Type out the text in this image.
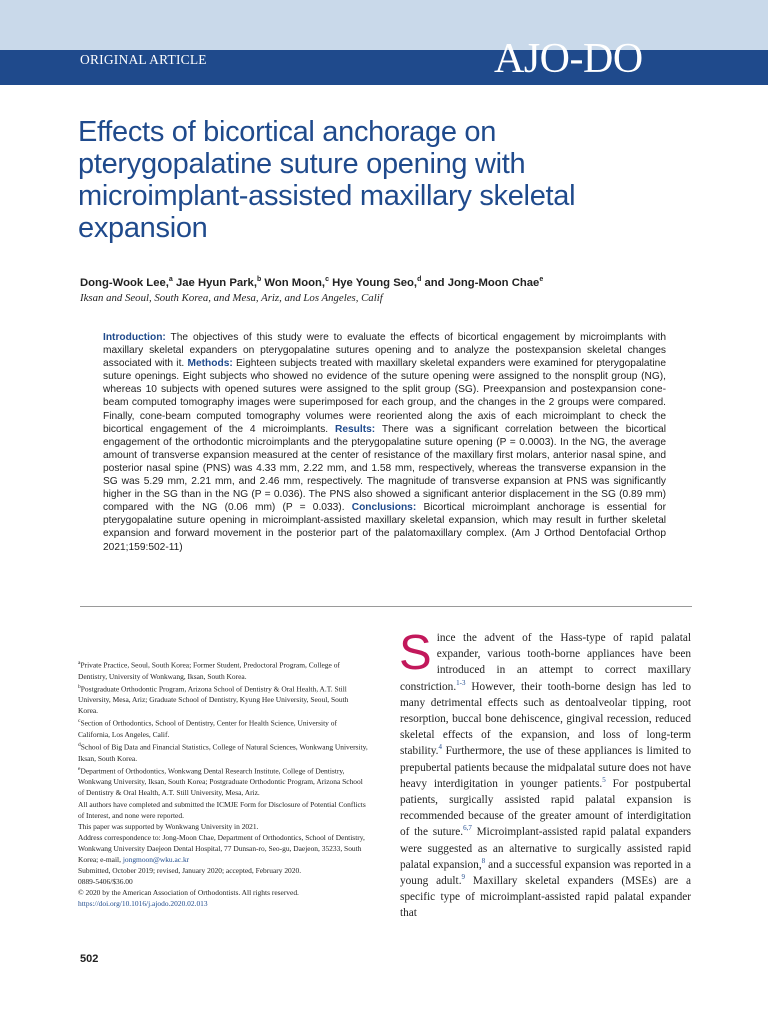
ORIGINAL ARTICLE	AJO-DO
Effects of bicortical anchorage on
pterygopalatine suture opening with
microimplant-assisted maxillary skeletal
expansion
Dong-Wook Lee,$^a$ Jae Hyun Park,$^b$ Won Moon,$^c$ Hye Young Seo,$^d$ and Jong-Moon Chae$^e$
Iksan and Seoul, South Korea, and Mesa, Ariz, and Los Angeles, Calif

Introduction: The objectives of this study were to evaluate the effects of bicortical engagement by microimplants with maxillary skeletal expanders on pterygopalatine sutures opening and to analyze the postexpansion skeletal changes associated with it. Methods: Eighteen subjects treated with maxillary skeletal expanders were examined for pterygopalatine suture openings. Eight subjects who showed no evidence of the suture opening were assigned to the nonsplit group (NG), whereas 10 subjects with opened sutures were assigned to the split group (SG). Preexpansion and postexpansion cone-beam computed tomography images were superimposed for each group, and the changes in the 2 groups were compared. Finally, cone-beam computed tomography volumes were reoriented along the axis of each microimplant to check the bicortical engagement of the 4 microimplants. Results: There was a significant correlation between the bicortical engagement of the orthodontic microimplants and the pterygopalatine suture opening (P = 0.0003). In the NG, the average amount of transverse expansion measured at the center of resistance of the maxillary first molars, anterior nasal spine, and posterior nasal spine (PNS) was 4.33 mm, 2.22 mm, and 1.58 mm, respectively, whereas the transverse expansion in the SG was 5.29 mm, 2.21 mm, and 2.46 mm, respectively. The magnitude of transverse expansion at PNS was significantly higher in the SG than in the NG (P = 0.036). The PNS also showed a significant anterior displacement in the SG (0.89 mm) compared with the NG (0.06 mm) (P = 0.033). Conclusions: Bicortical microimplant anchorage is essential for pterygopalatine suture opening in microimplant-assisted maxillary skeletal expansion, which may result in further skeletal expansion and forward movement in the posterior part of the palatomaxillary complex. (Am J Orthod Dentofacial Orthop 2021;159:502-11)

$^a$Private Practice, Seoul, South Korea; Former Student, Predoctoral Program, College of Dentistry, University of Wonkwang, Iksan, South Korea.

$^b$Postgraduate Orthodontic Program, Arizona School of Dentistry & Oral Health, A.T. Still University, Mesa, Ariz; Graduate School of Dentistry, Kyung Hee University, Seoul, South Korea.

$^c$Section of Orthodontics, School of Dentistry, Center for Health Science, University of California, Los Angeles, Calif.

$^d$School of Big Data and Financial Statistics, College of Natural Sciences, Wonkwang University, Iksan, South Korea.

$^e$Department of Orthodontics, Wonkwang Dental Research Institute, College of Dentistry, Wonkwang University, Iksan, South Korea; Postgraduate Orthodontic Program, Arizona School of Dentistry & Oral Health, A.T. Still University, Mesa, Ariz.

All authors have completed and submitted the ICMJE Form for Disclosure of Potential Conflicts of Interest, and none were reported.

This paper was supported by Wonkwang University in 2021.

Address correspondence to: Jong-Moon Chae, Department of Orthodontics, School of Dentistry, Wonkwang University Daejeon Dental Hospital, 77 Dunsan-ro, Seo-gu, Daejeon, 35233, South Korea; e-mail, jongmoon@wku.ac.kr

Submitted, October 2019; revised, January 2020; accepted, February 2020.

0889-5406/$36.00

© 2020 by the American Association of Orthodontists. All rights reserved.

https://doi.org/10.1016/j.ajodo.2020.02.013

502

Since the advent of the Hass-type of rapid palatal expander, various tooth-borne appliances have been introduced in an attempt to correct maxillary constriction.$^{1-3}$ However, their tooth-borne design has led to many detrimental effects such as dentoalveolar tipping, root resorption, buccal bone dehiscence, gingival recession, reduced skeletal effects of the expansion, and loss of long-term stability.$^4$ Furthermore, the use of these appliances is limited to prepubertal patients because the midpalatal suture does not have heavy interdigitation in younger patients.$^5$ For postpubertal patients, surgically assisted rapid palatal expansion is recommended because of the greater amount of interdigitation of the suture.$^{6,7}$ Microimplant-assisted rapid palatal expanders were suggested as an alternative to surgically assisted rapid palatal expansion,$^8$ and a successful expansion was reported in a young adult.$^9$ Maxillary skeletal expanders (MSEs) are a specific type of microimplant-assisted rapid palatal expander that
